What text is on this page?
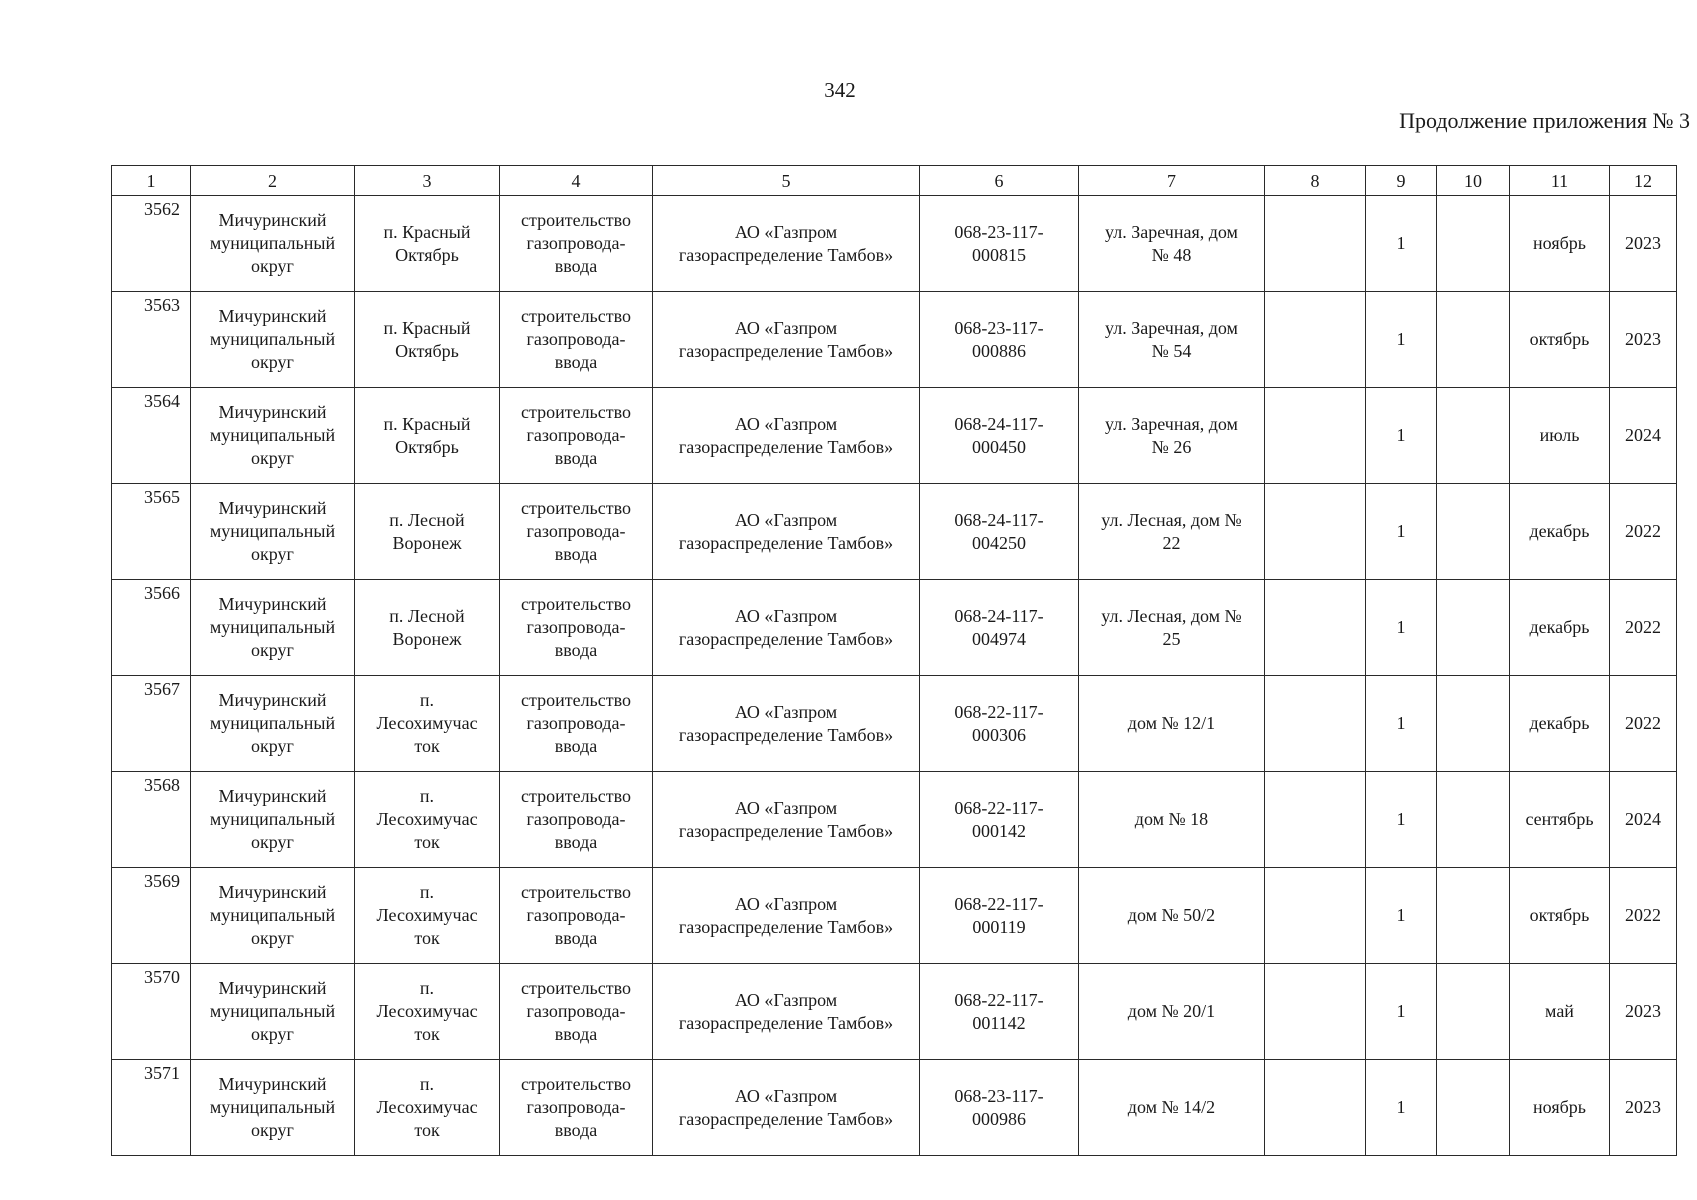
342
Продолжение приложения № 3
1	2	3	4	5	6	7	8	9	10	11	12
3562	Мичуринский
муниципальный
округ	п. Красный
Октябрь	строительство
газопровода-
ввода	АО «Газпром
газораспределение Тамбов»	068-23-117-
000815	ул. Заречная, дом
№ 48		1		ноябрь	2023
3563	Мичуринский
муниципальный
округ	п. Красный
Октябрь	строительство
газопровода-
ввода	АО «Газпром
газораспределение Тамбов»	068-23-117-
000886	ул. Заречная, дом
№ 54		1		октябрь	2023
3564	Мичуринский
муниципальный
округ	п. Красный
Октябрь	строительство
газопровода-
ввода	АО «Газпром
газораспределение Тамбов»	068-24-117-
000450	ул. Заречная, дом
№ 26		1		июль	2024
3565	Мичуринский
муниципальный
округ	п. Лесной
Воронеж	строительство
газопровода-
ввода	АО «Газпром
газораспределение Тамбов»	068-24-117-
004250	ул. Лесная, дом №
22		1		декабрь	2022
3566	Мичуринский
муниципальный
округ	п. Лесной
Воронеж	строительство
газопровода-
ввода	АО «Газпром
газораспределение Тамбов»	068-24-117-
004974	ул. Лесная, дом №
25		1		декабрь	2022
3567	Мичуринский
муниципальный
округ	п.
Лесохимучас
ток	строительство
газопровода-
ввода	АО «Газпром
газораспределение Тамбов»	068-22-117-
000306	дом № 12/1		1		декабрь	2022
3568	Мичуринский
муниципальный
округ	п.
Лесохимучас
ток	строительство
газопровода-
ввода	АО «Газпром
газораспределение Тамбов»	068-22-117-
000142	дом № 18		1		сентябрь	2024
3569	Мичуринский
муниципальный
округ	п.
Лесохимучас
ток	строительство
газопровода-
ввода	АО «Газпром
газораспределение Тамбов»	068-22-117-
000119	дом № 50/2		1		октябрь	2022
3570	Мичуринский
муниципальный
округ	п.
Лесохимучас
ток	строительство
газопровода-
ввода	АО «Газпром
газораспределение Тамбов»	068-22-117-
001142	дом № 20/1		1		май	2023
3571	Мичуринский
муниципальный
округ	п.
Лесохимучас
ток	строительство
газопровода-
ввода	АО «Газпром
газораспределение Тамбов»	068-23-117-
000986	дом № 14/2		1		ноябрь	2023
